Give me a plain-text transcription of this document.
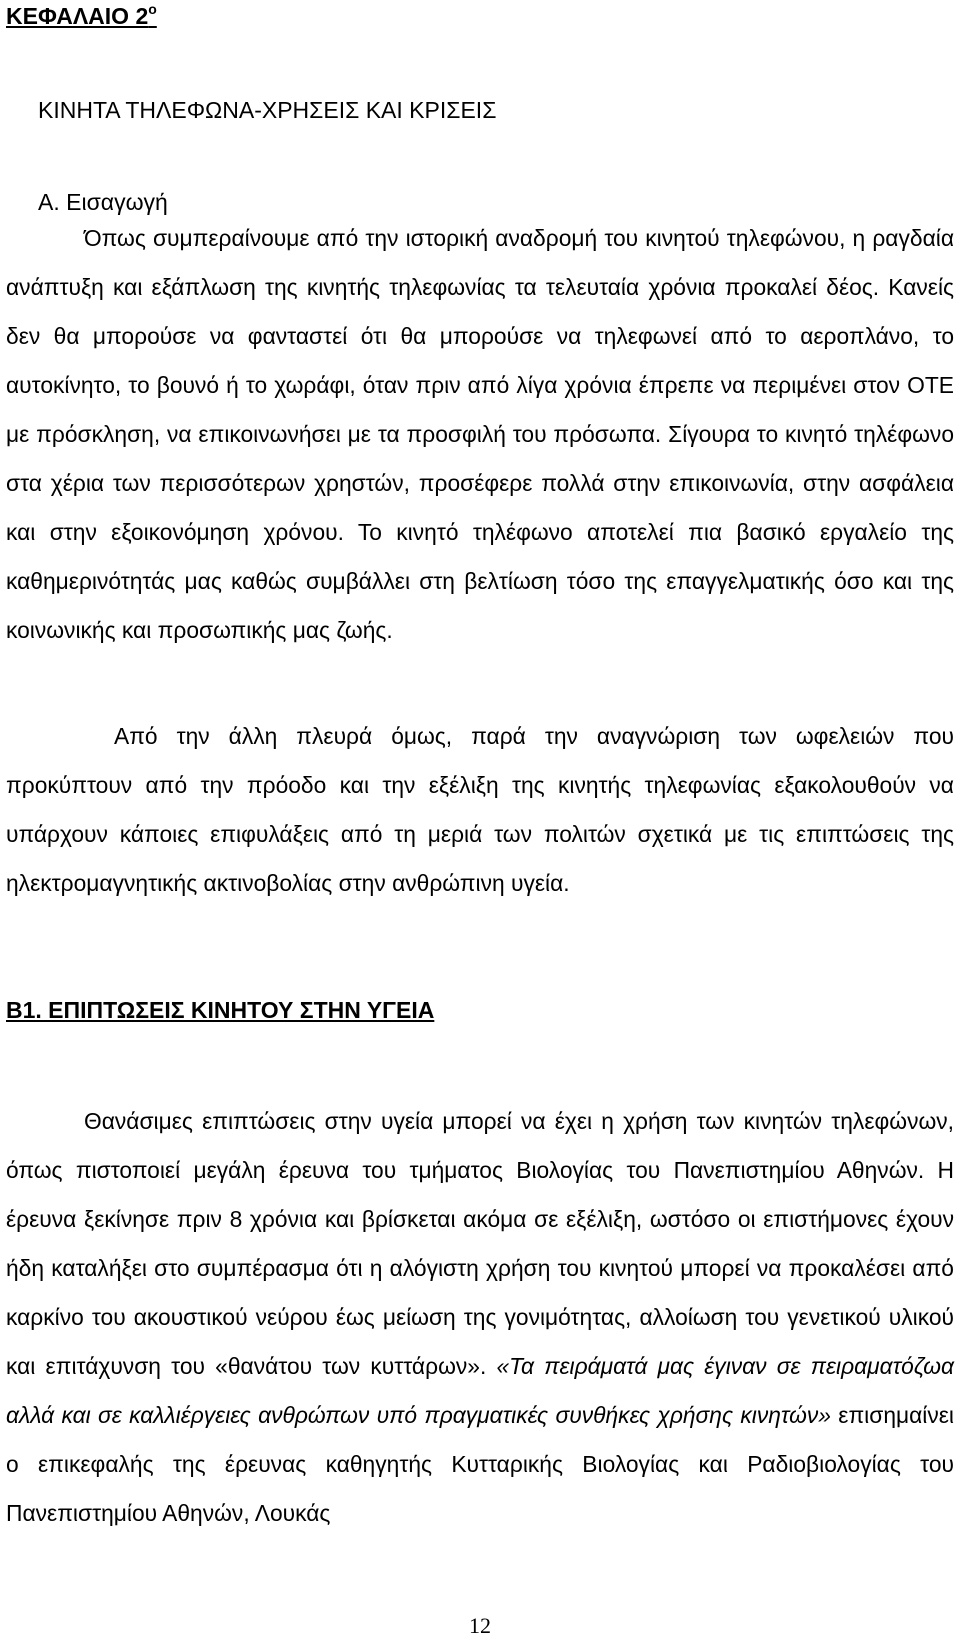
ΚΕΦΑΛΑΙΟ $2^o$
ΚΙΝΗΤΑ ΤΗΛΕΦΩΝΑ-ΧΡΗΣΕΙΣ ΚΑΙ ΚΡΙΣΕΙΣ
Α. Εισαγωγή

Όπως συμπεραίνουμε από την ιστορική αναδρομή του κινητού τηλεφώνου, η ραγδαία ανάπτυξη και εξάπλωση της κινητής τηλεφωνίας τα τελευταία χρόνια προκαλεί δέος. Κανείς δεν θα μπορούσε να φανταστεί ότι θα μπορούσε να τηλεφωνεί από το αεροπλάνο, το αυτοκίνητο, το βουνό ή το χωράφι, όταν πριν από λίγα χρόνια έπρεπε να περιμένει στον ΟΤΕ με πρόσκληση, να επικοινωνήσει με τα προσφιλή του πρόσωπα. Σίγουρα το κινητό τηλέφωνο στα χέρια των περισσότερων χρηστών, προσέφερε πολλά στην επικοινωνία, στην ασφάλεια και στην εξοικονόμηση χρόνου. Το κινητό τηλέφωνο αποτελεί πια βασικό εργαλείο της καθημερινότητάς μας καθώς συμβάλλει στη βελτίωση τόσο της επαγγελματικής όσο και της κοινωνικής και προσωπικής μας ζωής.

Από την άλλη πλευρά όμως, παρά την αναγνώριση των ωφελειών που προκύπτουν από την πρόοδο και την εξέλιξη της κινητής τηλεφωνίας εξακολουθούν να υπάρχουν κάποιες επιφυλάξεις από τη μεριά των πολιτών σχετικά με τις επιπτώσεις της ηλεκτρομαγνητικής ακτινοβολίας στην ανθρώπινη υγεία.

Β1. ΕΠΙΠΤΩΣΕΙΣ ΚΙΝΗΤΟΥ ΣΤΗΝ ΥΓΕΙΑ

Θανάσιμες επιπτώσεις στην υγεία μπορεί να έχει η χρήση των κινητών τηλεφώνων, όπως πιστοποιεί μεγάλη έρευνα του τμήματος Βιολογίας του Πανεπιστημίου Αθηνών. Η έρευνα ξεκίνησε πριν 8 χρόνια και βρίσκεται ακόμα σε εξέλιξη, ωστόσο οι επιστήμονες έχουν ήδη καταλήξει στο συμπέρασμα ότι η αλόγιστη χρήση του κινητού μπορεί να προκαλέσει από καρκίνο του ακουστικού νεύρου έως μείωση της γονιμότητας, αλλοίωση του γενετικού υλικού και επιτάχυνση του «θανάτου των κυττάρων». «Τα πειράματά μας έγιναν σε πειραματόζωα αλλά και σε καλλιέργειες ανθρώπων υπό πραγματικές συνθήκες χρήσης κινητών» επισημαίνει ο επικεφαλής της έρευνας καθηγητής Κυτταρικής Βιολογίας και Ραδιοβιολογίας του Πανεπιστημίου Αθηνών, Λουκάς

12
